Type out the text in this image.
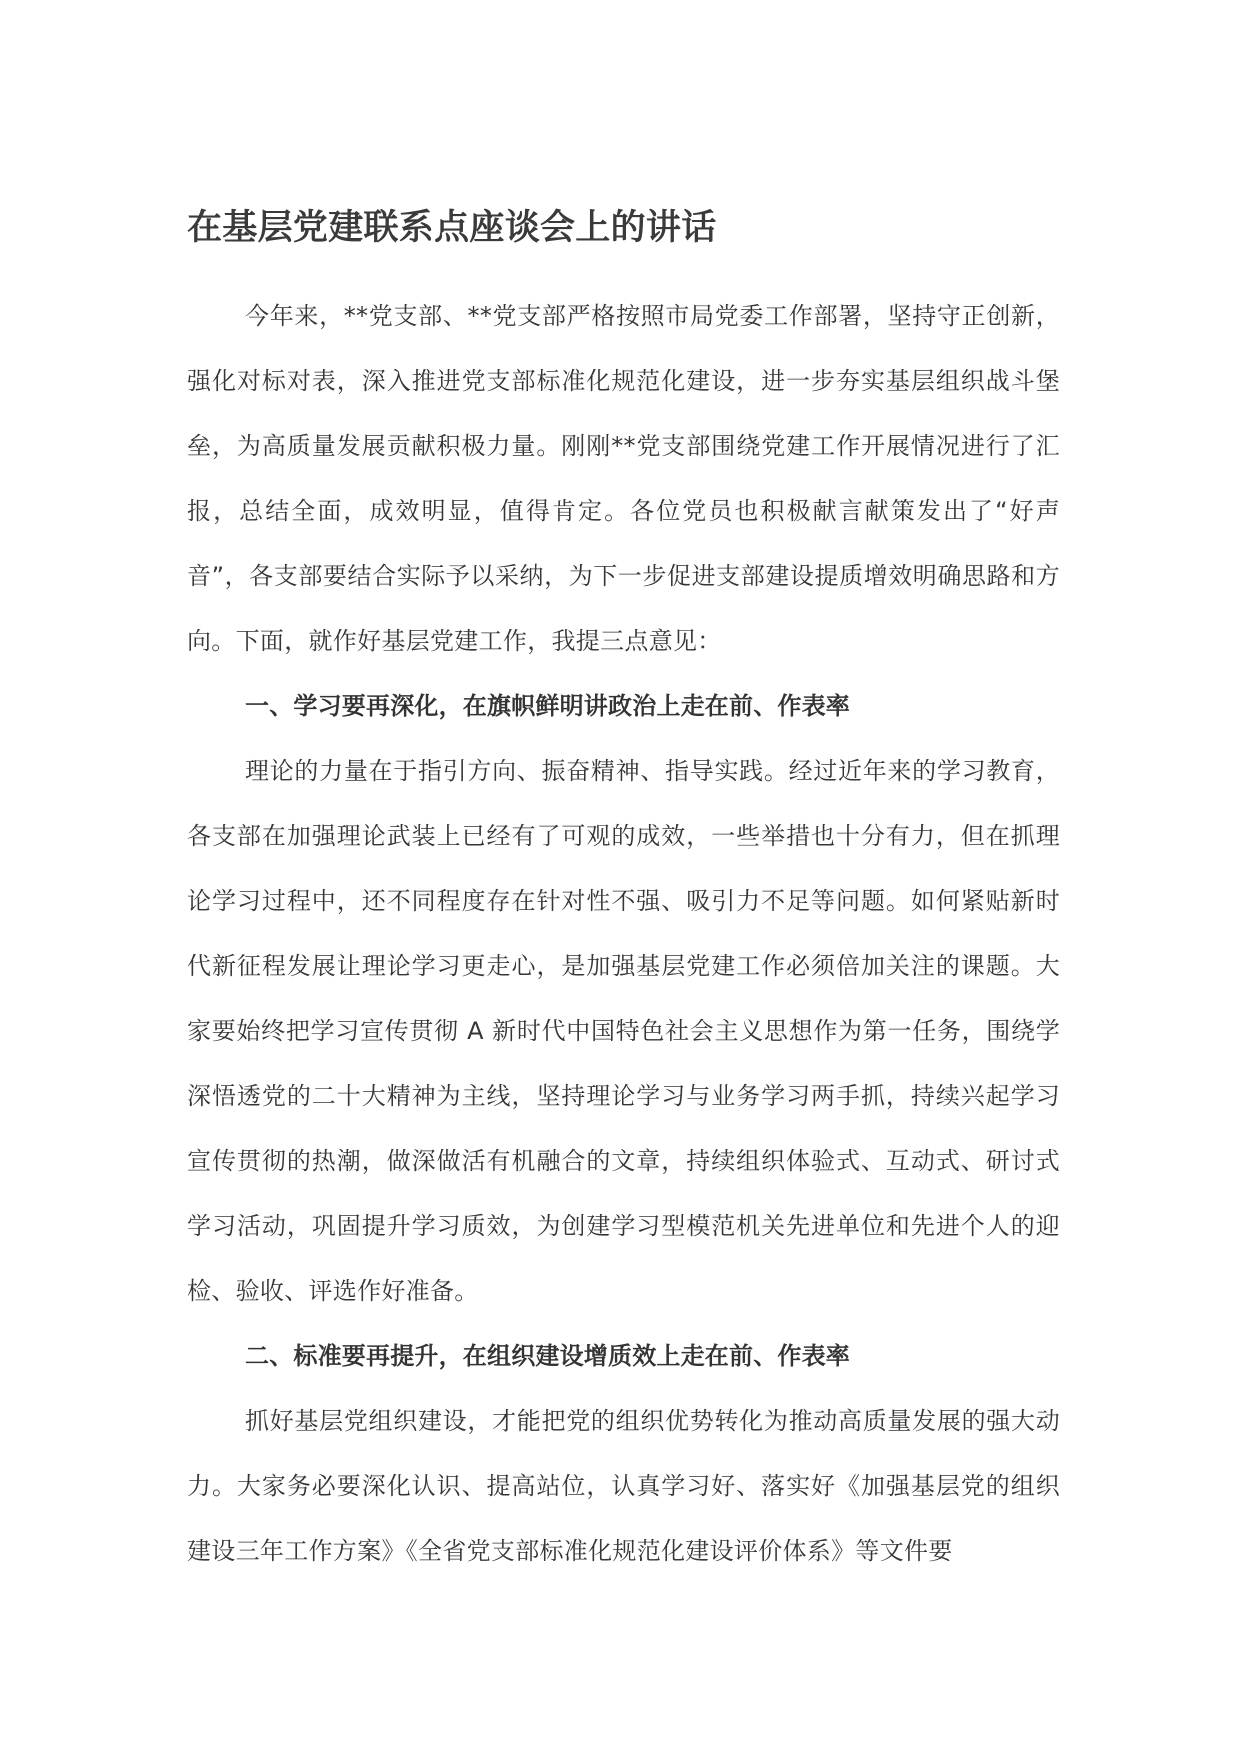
在基层党建联系点座谈会上的讲话

今年来，**党支部、**党支部严格按照市局党委工作部署，坚持守正创新，强化对标对表，深入推进党支部标准化规范化建设，进一步夯实基层组织战斗堡垒，为高质量发展贡献积极力量。刚刚**党支部围绕党建工作开展情况进行了汇报，总结全面，成效明显，值得肯定。各位党员也积极献言献策发出了“好声音”，各支部要结合实际予以采纳，为下一步促进支部建设提质增效明确思路和方向。下面，就作好基层党建工作，我提三点意见：

一、学习要再深化，在旗帜鲜明讲政治上走在前、作表率

理论的力量在于指引方向、振奋精神、指导实践。经过近年来的学习教育，各支部在加强理论武装上已经有了可观的成效，一些举措也十分有力，但在抓理论学习过程中，还不同程度存在针对性不强、吸引力不足等问题。如何紧贴新时代新征程发展让理论学习更走心，是加强基层党建工作必须倍加关注的课题。大家要始终把学习宣传贯彻 A 新时代中国特色社会主义思想作为第一任务，围绕学深悟透党的二十大精神为主线，坚持理论学习与业务学习两手抓，持续兴起学习宣传贯彻的热潮，做深做活有机融合的文章，持续组织体验式、互动式、研讨式学习活动，巩固提升学习质效，为创建学习型模范机关先进单位和先进个人的迎检、验收、评选作好准备。

二、标准要再提升，在组织建设增质效上走在前、作表率

抓好基层党组织建设，才能把党的组织优势转化为推动高质量发展的强大动力。大家务必要深化认识、提高站位，认真学习好、落实好《加强基层党的组织建设三年工作方案》《全省党支部标准化规范化建设评价体系》等文件要
